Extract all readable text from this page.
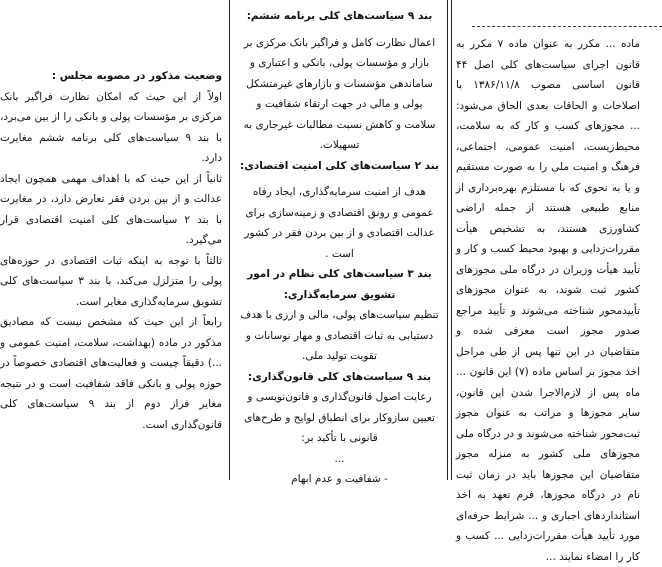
ماده ... مکرر به عنوان ماده ۷ مکرر به قانون اجرای سیاست‌های کلی اصل ۴۴ قانون اساسی مصوب ۱۳۸۶/۱۱/۸ با اصلاحات و الحاقات بعدی الحاق می‌شود: ... مجوزهای کسب و کار که به سلامت، محیط‌زیست، امنیت عمومی، اجتماعی، فرهنگ و امنیت ملی را به صورت مستقیم و یا به نحوی که با مستلزم بهره‌برداری از منابع طبیعی هستند از جمله اراضی کشاورزی هستند، به تشخیص هیأت مقررات‌زدایی و بهبود محیط کسب و کار و تأیید هیأت وزیران در درگاه ملی مجوزهای کشور ثبت شوند، به عنوان مجوزهای تأییدمحور شناخته می‌شوند و تأیید مراجع صدور مجوز است معرفی شده و متقاضیان در این تنها پس از طی مراحل اخذ مجوز بر اساس ماده (۷) این قانون ... ماه پس از لازم‌الاجرا شدن این قانون، سایر مجوزها و مراتب به عنوان مجوز ثبت‌محور شناخته می‌شوند و در درگاه ملی مجوزهای ملی کشور به منزله مجوز متقاضیان این مجوزها باید در زمان ثبت نام در درگاه مجوزها، فرم تعهد به اخذ استانداردهای اجباری و ... شرایط حرفه‌ای مورد تأیید هیأت مقررات‌زدایی ... کسب و کار را امضاء نمایند ...

بند ۹ سیاست‌های کلی برنامه ششم:

اعمال نظارت کامل و فراگیر بانک مرکزی بر بازار و مؤسسات پولی، بانکی و اعتباری و ساماندهی مؤسسات و بازارهای غیرمتشکل پولی و مالی در جهت ارتقاء شفافیت و سلامت و کاهش نسبت مطالبات غیرجاری به تسهیلات.

بند ۲ سیاست‌های کلی امنیت اقتصادی:

هدف از امنیت سرمایه‌گذاری، ایجاد رفاه عمومی و رونق اقتصادی و زمینه‌سازی برای عدالت اقتصادی و از بین بردن فقر در کشور است .

بند ۳ سیاست‌های کلی نظام در امور تشویق سرمایه‌گذاری:

تنظیم سیاست‌های پولی، مالی و ارزی با هدف دستیابی به ثبات اقتصادی و مهار نوسانات و تقویت تولید ملی.

بند ۹ سیاست‌های کلی قانون‌گذاری:

رعایت اصول قانون‌گذاری و قانون‌نویسی و تعیین سازوکار برای انطباق لوایح و طرح‌های قانونی با تأکید بر:

...

- شفافیت و عدم ابهام

وضعیت مذکور در مصوبه مجلس :

اولاً از این حیث که امکان نظارت فراگیر بانک مرکزی بر مؤسسات پولی و بانکی را از بین می‌برد، با بند ۹ سیاست‌های کلی برنامه ششم مغایرت دارد.

ثانیاً از این حیث که با اهداف مهمی همچون ایجاد عدالت و از بین بردن فقر تعارض دارد، در مغایرت با بند ۲ سیاست‌های کلی امنیت اقتصادی قرار می‌گیرد.

ثالثاً با توجه به اینکه ثبات اقتصادی در حوزه‌های پولی را متزلزل می‌کند، با بند ۳ سیاست‌های کلی تشویق سرمایه‌گذاری مغایر است.

رابعاً از این حیث که مشخص نیست که مصادیق مذکور در ماده (بهداشت، سلامت، امنیت عمومی و ...) دقیقاً چیست و فعالیت‌های اقتصادی خصوصاً در حوزه پولی و بانکی فاقد شفافیت است و در نتیجه مغایر فراز دوم از بند ۹ سیاست‌های کلی قانون‌گذاری است.
